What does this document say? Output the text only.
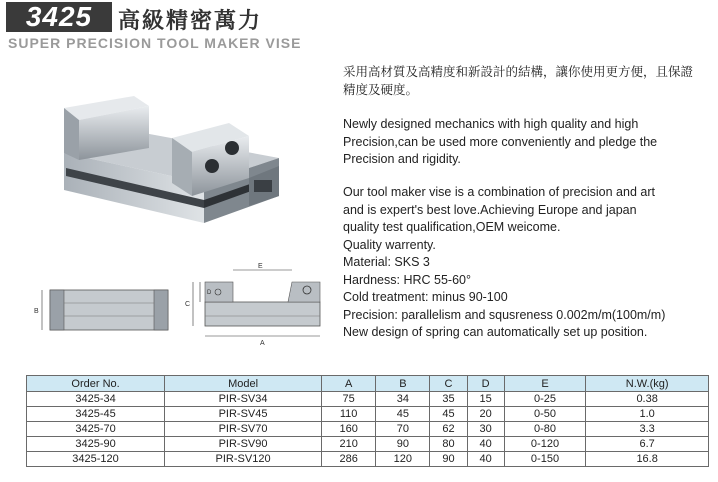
3425	高級精密萬力
SUPER PRECISION TOOL MAKER VISE
B
E
A
C
D

采用高材質及高精度和新設計的結構，讓你使用更方便，且保證

精度及硬度。

Newly designed mechanics with high quality and high

Precision,can be used more conveniently and pledge the

Precision and rigidity.

Our tool maker vise is a combination of precision and art

and is expert's best love.Achieving Europe and japan

quality test qualification,OEM weicome.

Quality warrenty.

Material: SKS 3

Hardness: HRC 55-60°

Cold treatment: minus 90-100

Precision: parallelism and squsreness 0.002m/m(100m/m)

New design of spring can automatically set up position.

Order No.	Model	A	B	C	D	E	N.W.(kg)
3425-34	PIR-SV34	75	34	35	15	0-25	0.38
3425-45	PIR-SV45	110	45	45	20	0-50	1.0
3425-70	PIR-SV70	160	70	62	30	0-80	3.3
3425-90	PIR-SV90	210	90	80	40	0-120	6.7
3425-120	PIR-SV120	286	120	90	40	0-150	16.8
